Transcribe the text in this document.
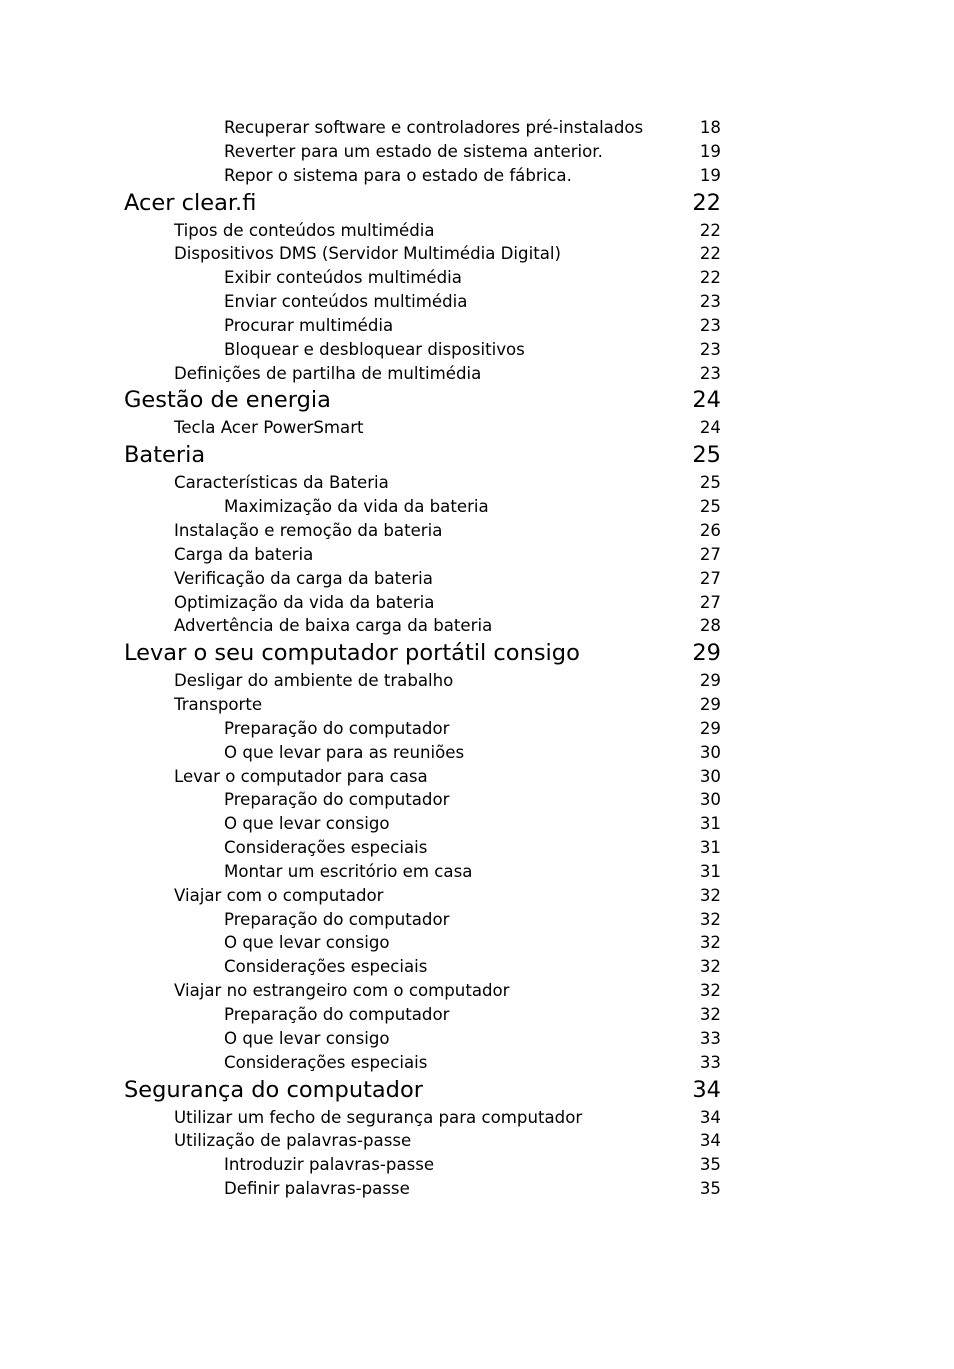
Recuperar software e controladores pré-instalados	18
Reverter para um estado de sistema anterior.	19
Repor o sistema para o estado de fábrica.	19
Acer clear.fi	22
Tipos de conteúdos multimédia	22
Dispositivos DMS (Servidor Multimédia Digital)	22
Exibir conteúdos multimédia	22
Enviar conteúdos multimédia	23
Procurar multimédia	23
Bloquear e desbloquear dispositivos	23
Definições de partilha de multimédia	23
Gestão de energia	24
Tecla Acer PowerSmart	24
Bateria	25
Características da Bateria	25
Maximização da vida da bateria	25
Instalação e remoção da bateria	26
Carga da bateria	27
Verificação da carga da bateria	27
Optimização da vida da bateria	27
Advertência de baixa carga da bateria	28
Levar o seu computador portátil consigo	29
Desligar do ambiente de trabalho	29
Transporte	29
Preparação do computador	29
O que levar para as reuniões	30
Levar o computador para casa	30
Preparação do computador	30
O que levar consigo	31
Considerações especiais	31
Montar um escritório em casa	31
Viajar com o computador	32
Preparação do computador	32
O que levar consigo	32
Considerações especiais	32
Viajar no estrangeiro com o computador	32
Preparação do computador	32
O que levar consigo	33
Considerações especiais	33
Segurança do computador	34
Utilizar um fecho de segurança para computador	34
Utilização de palavras-passe	34
Introduzir palavras-passe	35
Definir palavras-passe	35
